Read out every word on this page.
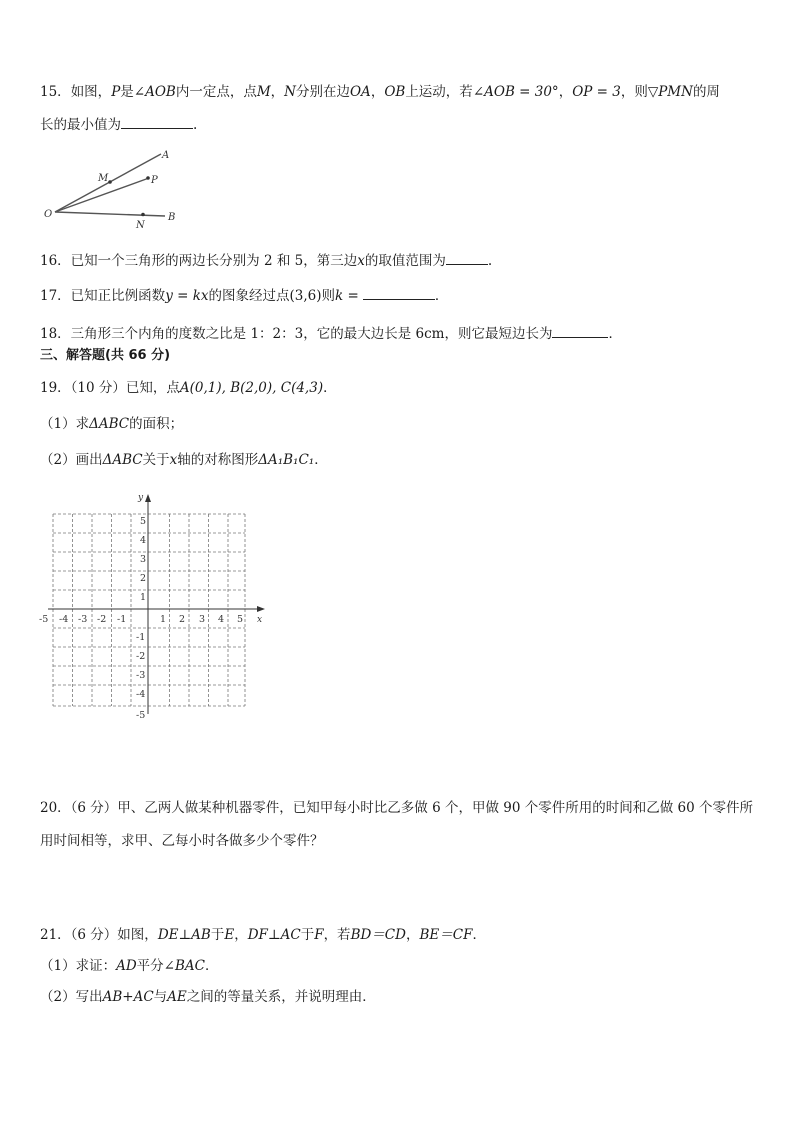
15．如图，P是∠AOB内一定点，点M，N分别在边OA，OB上运动，若∠AOB = 30°，OP = 3，则▽PMN的周
长的最小值为	.
A
M	P
O
N
B
16．已知一个三角形的两边长分别为 2 和 5，第三边x的取值范围为	.
17．已知正比例函数y = kx的图象经过点(3,6)则k =	．
18．三角形三个内角的度数之比是 1：2：3，它的最大边长是 6cm，则它最短边长为	．
三、解答题(共 66 分)
19．（10 分）已知，点A(0,1), B(2,0), C(4,3)．
（1）求ΔABC的面积；
（2）画出ΔABC关于x轴的对称图形ΔA₁B₁C₁．
y
x
5
4
3
2
1
-1
-2
-3
-4
-5
-5 -4 -3 -2 -1	1 2 3 4 5
20．（6 分）甲、乙两人做某种机器零件，已知甲每小时比乙多做 6 个，甲做 90 个零件所用的时间和乙做 60 个零件所
用时间相等，求甲、乙每小时各做多少个零件？
21．（6 分）如图，DE⊥AB于E，DF⊥AC于F，若BD＝CD，BE＝CF．
（1）求证：AD平分∠BAC．
（2）写出AB+AC与AE之间的等量关系，并说明理由．
